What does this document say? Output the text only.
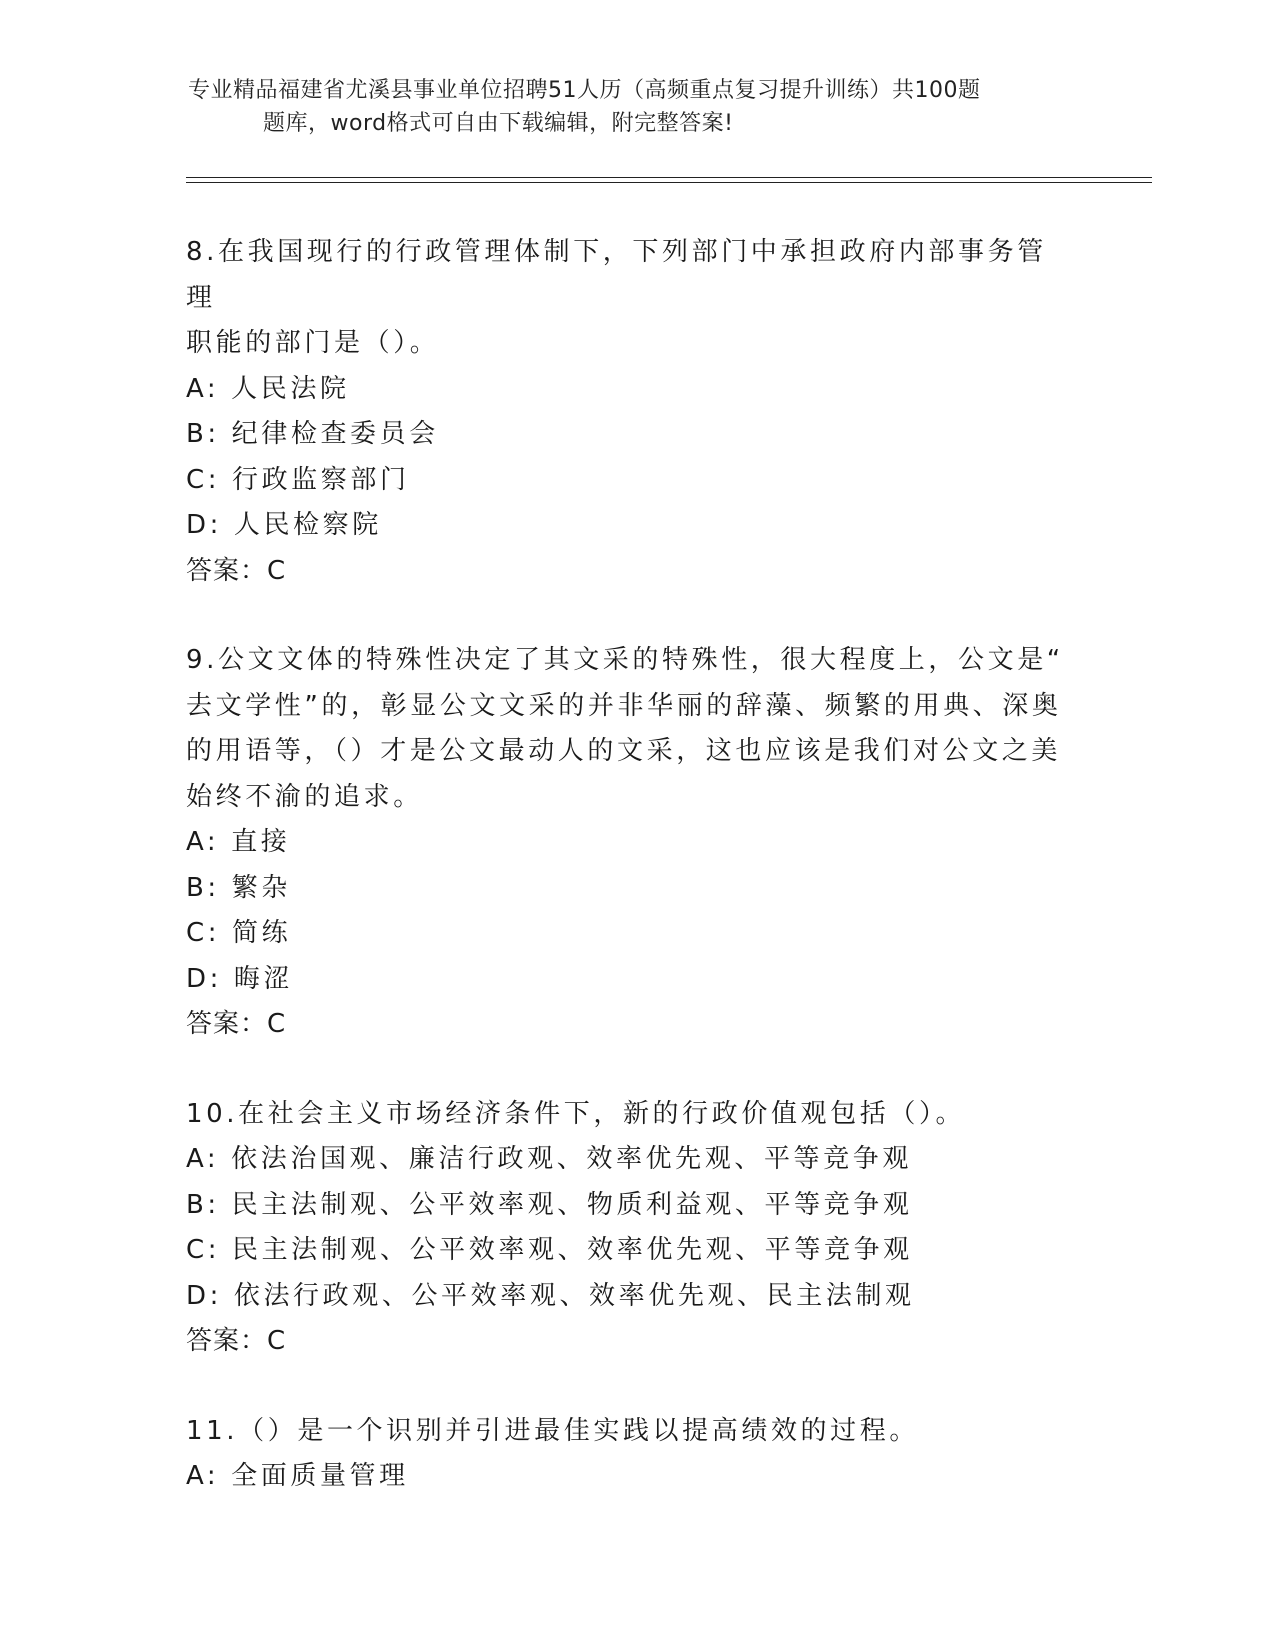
专业精品福建省尤溪县事业单位招聘51人历（高频重点复习提升训练）共100题
题库，word格式可自由下载编辑，附完整答案!

8.在我国现行的行政管理体制下，下列部门中承担政府内部事务管理

职能的部门是（）。

A: 人民法院

B: 纪律检查委员会

C: 行政监察部门

D: 人民检察院

答案：C

9.公文文体的特殊性决定了其文采的特殊性，很大程度上，公文是“

去文学性”的，彰显公文文采的并非华丽的辞藻、频繁的用典、深奥

的用语等，（）才是公文最动人的文采，这也应该是我们对公文之美

始终不渝的追求。

A: 直接

B: 繁杂

C: 简练

D: 晦涩

答案：C

10.在社会主义市场经济条件下，新的行政价值观包括（）。

A: 依法治国观、廉洁行政观、效率优先观、平等竞争观

B: 民主法制观、公平效率观、物质利益观、平等竞争观

C: 民主法制观、公平效率观、效率优先观、平等竞争观

D: 依法行政观、公平效率观、效率优先观、民主法制观

答案：C

11.（）是一个识别并引进最佳实践以提高绩效的过程。

A: 全面质量管理
